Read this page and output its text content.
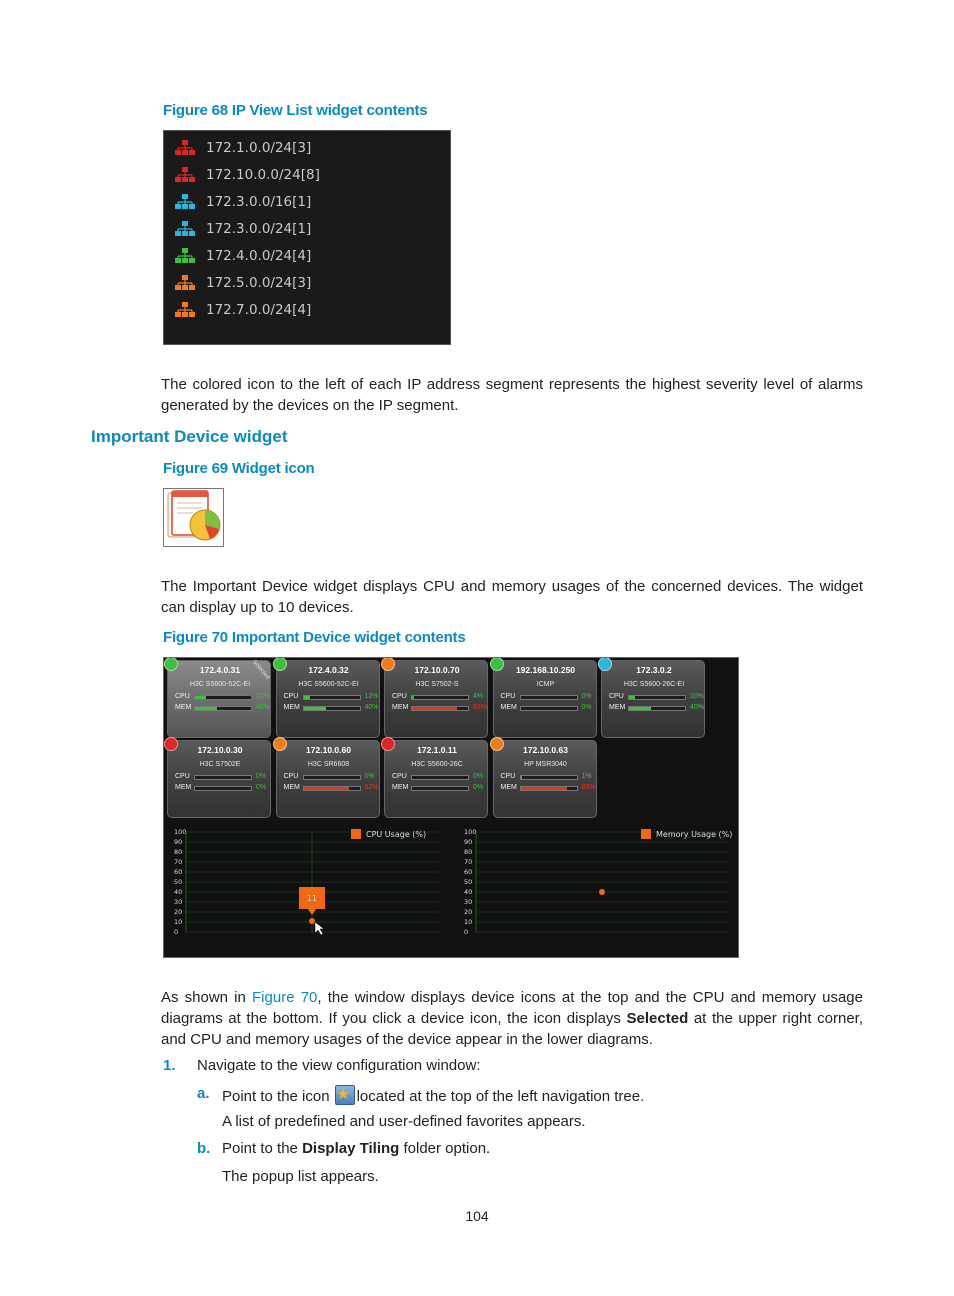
Figure 68 IP View List widget contents
172.1.0.0/24[3]
172.10.0.0/24[8]
172.3.0.0/16[1]
172.3.0.0/24[1]
172.4.0.0/24[4]
172.5.0.0/24[3]
172.7.0.0/24[4]
The colored icon to the left of each IP address segment represents the highest severity level of alarms generated by the devices on the IP segment.
Important Device widget
Figure 69 Widget icon
The Important Device widget displays CPU and memory usages of the concerned devices. The widget can display up to 10 devices.
Figure 70 Important Device widget contents
Selected
172.4.0.31
H3C S5600-52C-EI
CPU	20%
MEM	40%
172.4.0.32
H3C S5600-52C-EI
CPU	12%
MEM	40%
172.10.0.70
H3C S7502-S
CPU	4%
MEM	81%
192.168.10.250
ICMP
CPU	0%
MEM	0%
172.3.0.2
H3C S5600-26C-EI
CPU	10%
MEM	40%
172.10.0.30
H3C S7502E
CPU	0%
MEM	0%
172.10.0.60
H3C SR6608
CPU	0%
MEM	82%
172.1.0.11
H3C S5600-26C
CPU	0%
MEM	0%
172.10.0.63
HP MSR3040
CPU	1%
MEM	83%
100
90
80
70
60
50
40
30
20
10
0
CPU Usage (%)
11
100
90
80
70
60
50
40
30
20
10
0
Memory Usage (%)
As shown in Figure 70, the window displays device icons at the top and the CPU and memory usage diagrams at the bottom. If you click a device icon, the icon displays Selected at the upper right corner, and CPU and memory usages of the device appear in the lower diagrams.
1. Navigate to the view configuration window:
a. Point to the icon ★ located at the top of the left navigation tree.
A list of predefined and user-defined favorites appears.
b. Point to the Display Tiling folder option.
The popup list appears.
104
